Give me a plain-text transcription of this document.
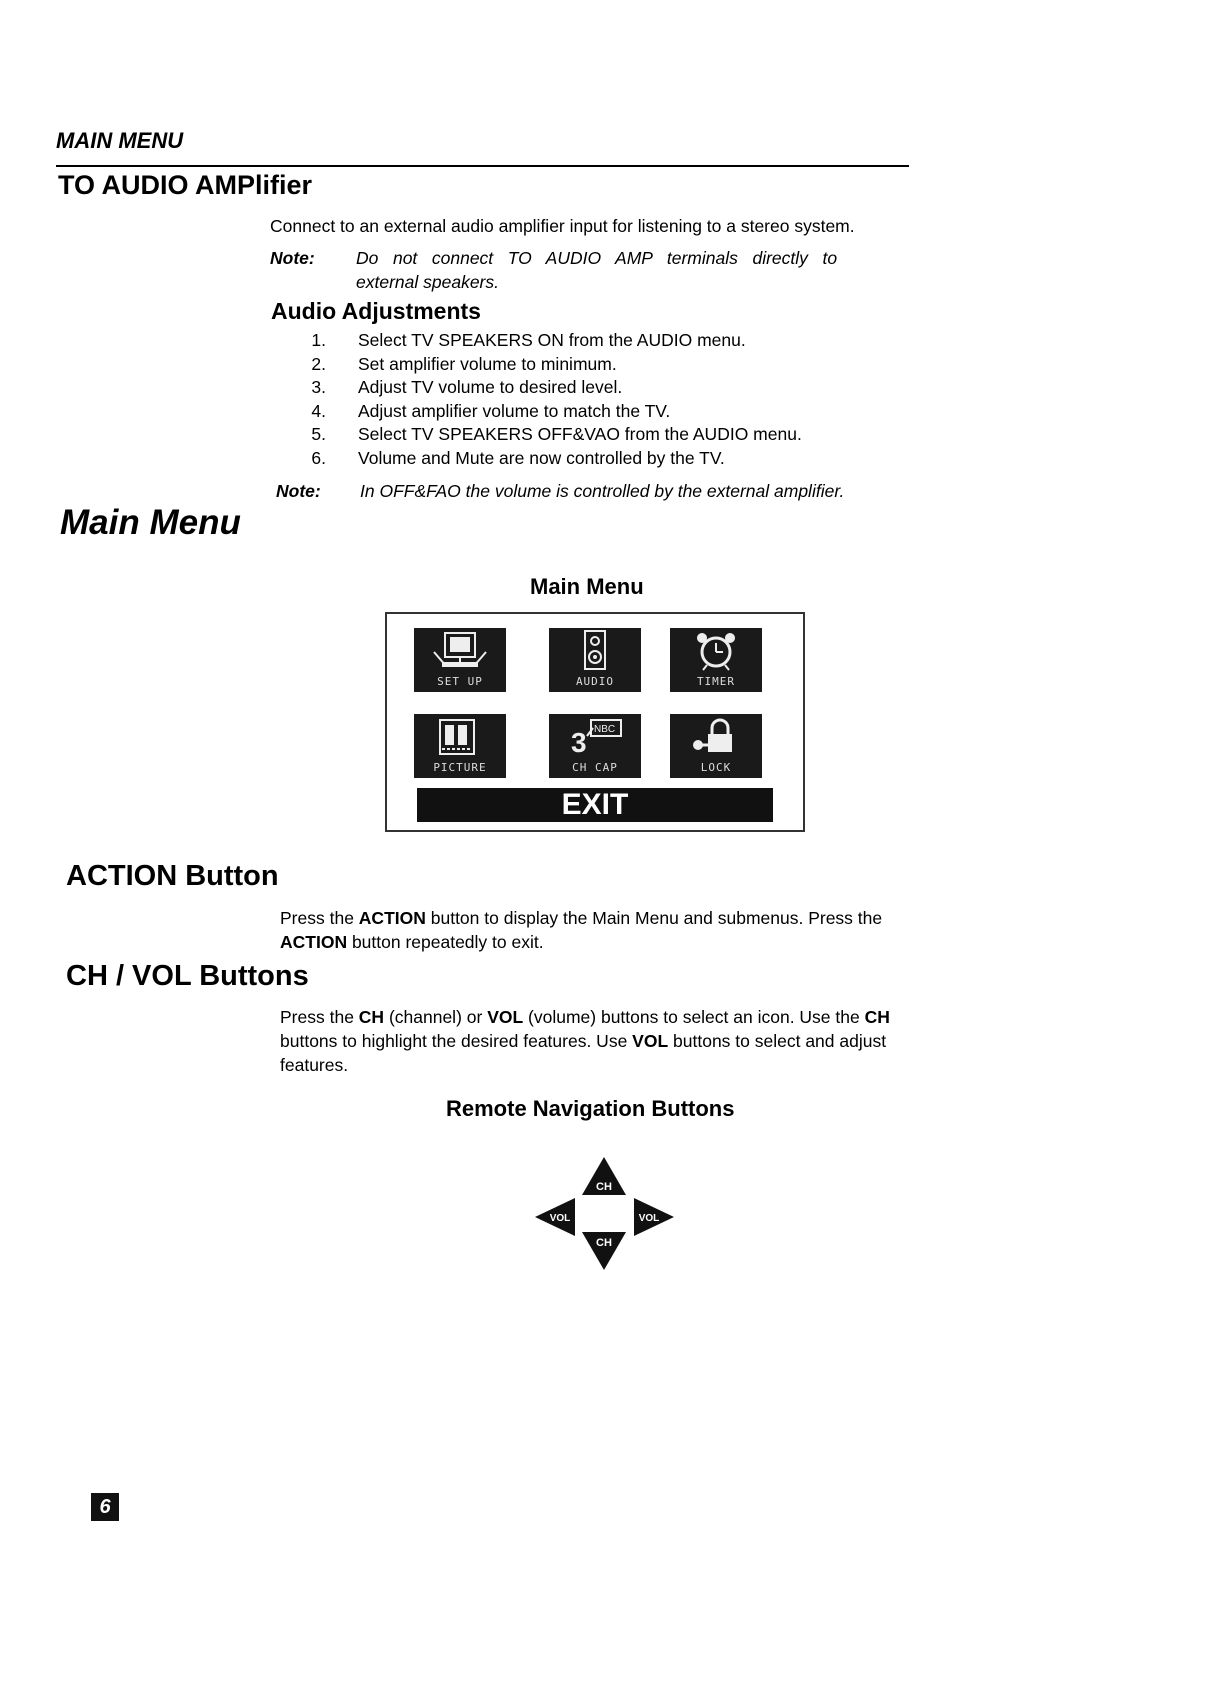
MAIN MENU
TO AUDIO AMPlifier
Connect to an external audio amplifier input for listening to a stereo system.
Note: Do   not   connect   TO   AUDIO   AMP   terminals   directly   to
external speakers.
Audio Adjustments
1. Select TV SPEAKERS ON from the AUDIO menu.
2. Set amplifier volume to minimum.
3. Adjust TV volume to desired level.
4. Adjust amplifier volume to match the TV.
5. Select TV SPEAKERS OFF&VAO from the AUDIO menu.
6. Volume and Mute are now controlled by the TV.
Note: In OFF&FAO the volume is controlled by the external amplifier.
Main Menu
Main Menu
SET UP	AUDIO	TIMER
PICTURE
3 NBC
CH CAP	LOCK
EXIT
ACTION Button
Press the ACTION button to display the Main Menu and submenus. Press the ACTION button repeatedly to exit.
CH / VOL Buttons
Press the CH (channel) or VOL (volume) buttons to select an icon. Use the CH buttons to highlight the desired features. Use VOL buttons to select and adjust features.
Remote Navigation Buttons
CH
VOL	VOL
CH
6
